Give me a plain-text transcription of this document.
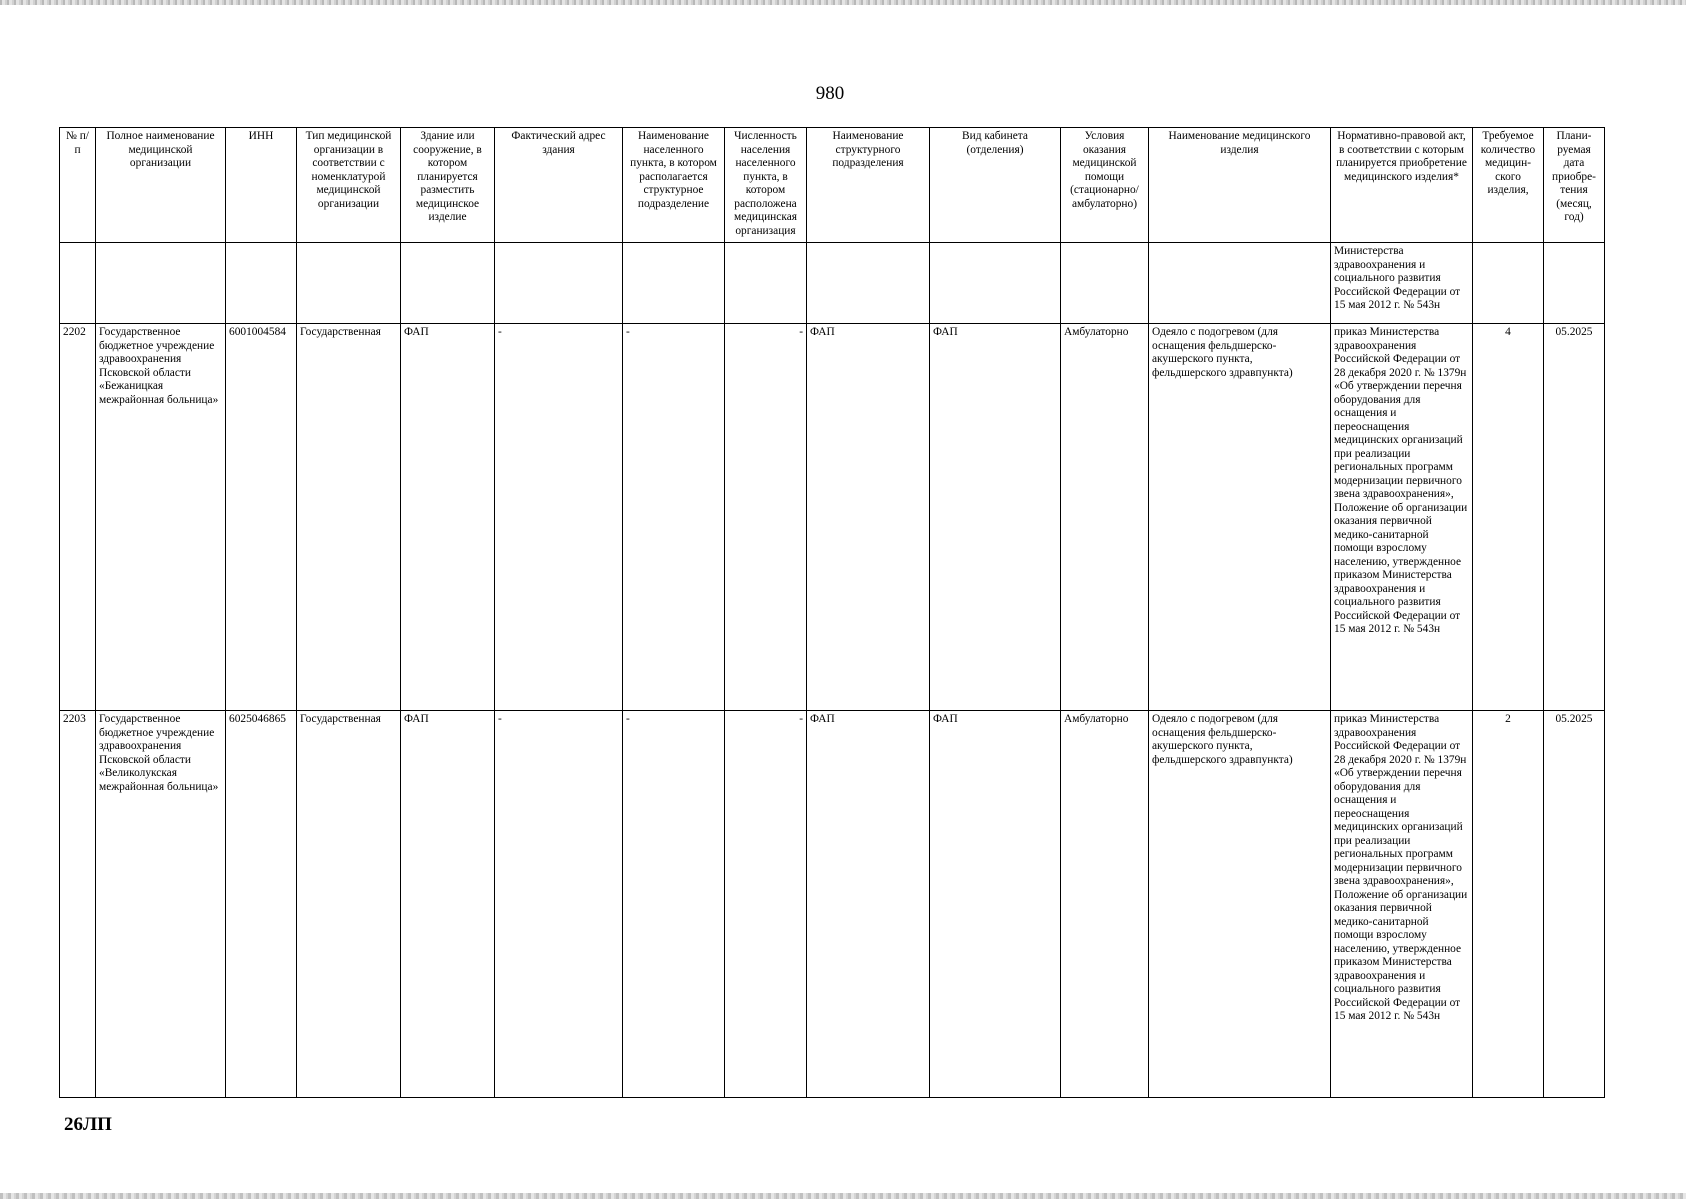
980
№ п/п	Полное наименование медицинской организации	ИНН	Тип медицинской организации в соответствии с номенклатурой медицинской организации	Здание или сооружение, в котором планируется разместить медицинское изделие	Фактический адрес здания	Наименование населенного пункта, в котором располагается структурное подразделение	Численность населения населенного пункта, в котором расположена медицинская организация	Наименование структурного подразделения	Вид кабинета (отделения)	Условия оказания медицинской помощи (стационарно/ амбулаторно)	Наименование медицинского изделия	Нормативно-правовой акт, в соответствии с которым планируется приобретение медицинского изделия*	Требуемое количество медицин-ского изделия,	Плани-руемая дата приобре-тения (месяц, год)
												Министерства здравоохранения и социального развития Российской Федерации от 15 мая 2012 г. № 543н		
2202	Государственное бюджетное учреждение здравоохранения Псковской области «Бежаницкая межрайонная больница»	6001004584	Государственная	ФАП	-	-	-	ФАП	ФАП	Амбулаторно	Одеяло с подогревом (для оснащения фельдшерско-акушерского пункта, фельдшерского здравпункта)	приказ Министерства здравоохранения Российской Федерации от 28 декабря 2020 г. № 1379н «Об утверждении перечня оборудования для оснащения и переоснащения медицинских организаций при реализации региональных программ модернизации первичного звена здравоохранения», Положение об организации оказания первичной медико-санитарной помощи взрослому населению, утвержденное приказом Министерства здравоохранения и социального развития Российской Федерации от 15 мая 2012 г. № 543н	4	05.2025
2203	Государственное бюджетное учреждение здравоохранения Псковской области «Великолукская межрайонная больница»	6025046865	Государственная	ФАП	-	-	-	ФАП	ФАП	Амбулаторно	Одеяло с подогревом (для оснащения фельдшерско-акушерского пункта, фельдшерского здравпункта)	приказ Министерства здравоохранения Российской Федерации от 28 декабря 2020 г. № 1379н «Об утверждении перечня оборудования для оснащения и переоснащения медицинских организаций при реализации региональных программ модернизации первичного звена здравоохранения», Положение об организации оказания первичной медико-санитарной помощи взрослому населению, утвержденное приказом Министерства здравоохранения и социального развития Российской Федерации от 15 мая 2012 г. № 543н	2	05.2025
26ЛП
